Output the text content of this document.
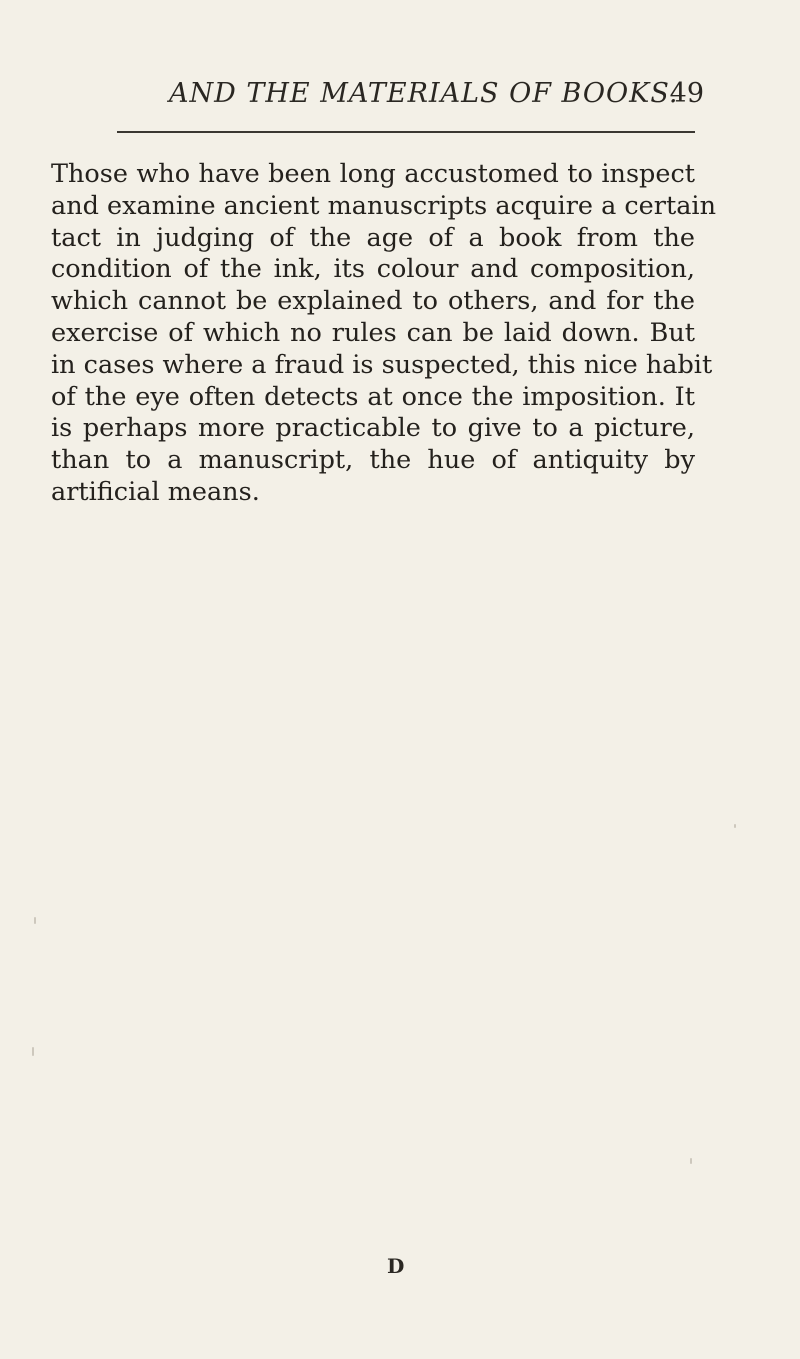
AND THE MATERIALS OF BOOKS.
49
Those who have been long accustomed to inspect
and examine ancient manuscripts acquire a certain
tact in judging of the age of a book from the
condition of the ink, its colour and composition,
which cannot be explained to others, and for the
exercise of which no rules can be laid down. But
in cases where a fraud is suspected, this nice habit
of the eye often detects at once the imposition. It
is perhaps more practicable to give to a picture,
than to a manuscript, the hue of antiquity by
artificial means.
D
